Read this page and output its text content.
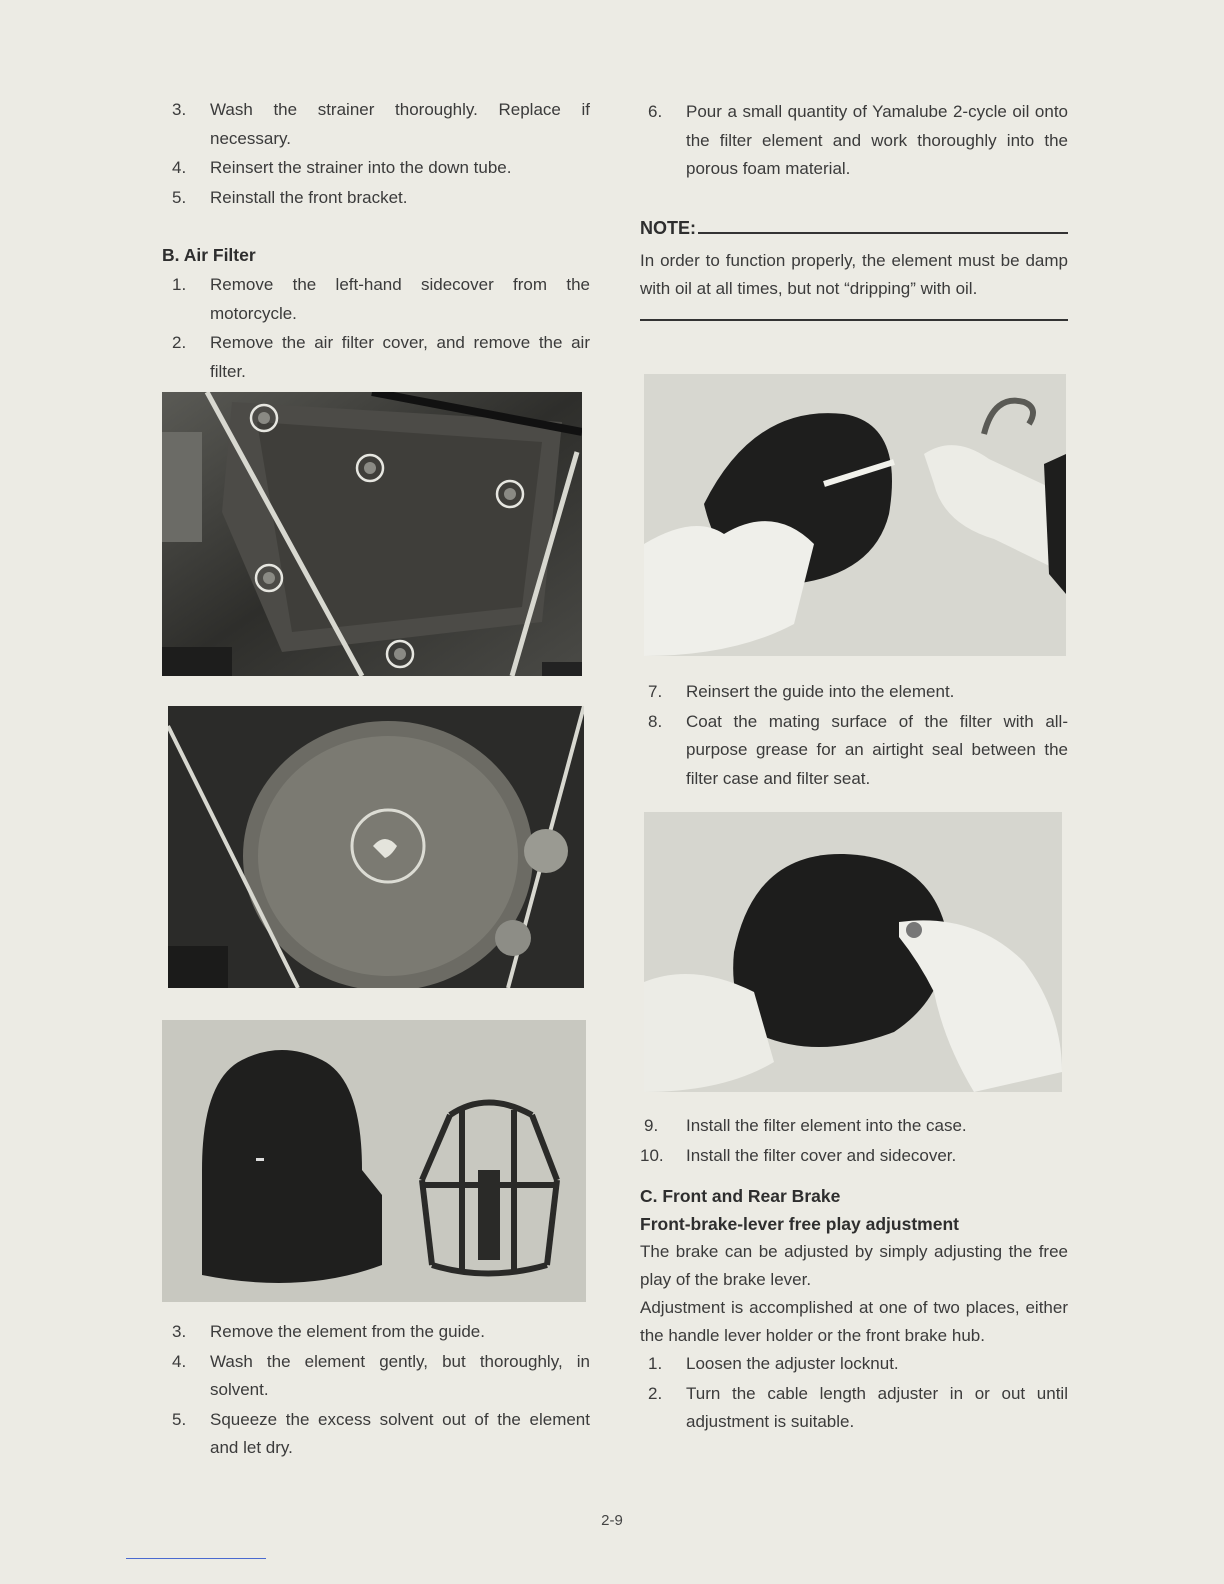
3.	Wash the strainer thoroughly. Replace if necessary.
4.	Reinsert the strainer into the down tube.
5.	Reinstall the front bracket.

B. Air Filter

1.	Remove the left-hand sidecover from the motorcycle.
2.	Remove the air filter cover, and remove the air filter.
3.	Remove the element from the guide.
4.	Wash the element gently, but thoroughly, in solvent.
5.	Squeeze the excess solvent out of the element and let dry.
6.	Pour a small quantity of Yamalube 2-cycle oil onto the filter element and work thoroughly into the porous foam material.
NOTE:

In order to function properly, the element must be damp with oil at all times, but not “dripping” with oil.

7.	Reinsert the guide into the element.
8.	Coat the mating surface of the filter with all-purpose grease for an airtight seal between the filter case and filter seat.
9.	Install the filter element into the case.
10. Install the filter cover and sidecover.

C. Front and Rear Brake

Front-brake-lever free play adjustment

The brake can be adjusted by simply adjusting the free play of the brake lever.

Adjustment is accomplished at one of two places, either the handle lever holder or the front brake hub.

1.	Loosen the adjuster locknut.
2.	Turn the cable length adjuster in or out until adjustment is suitable.
2-9
